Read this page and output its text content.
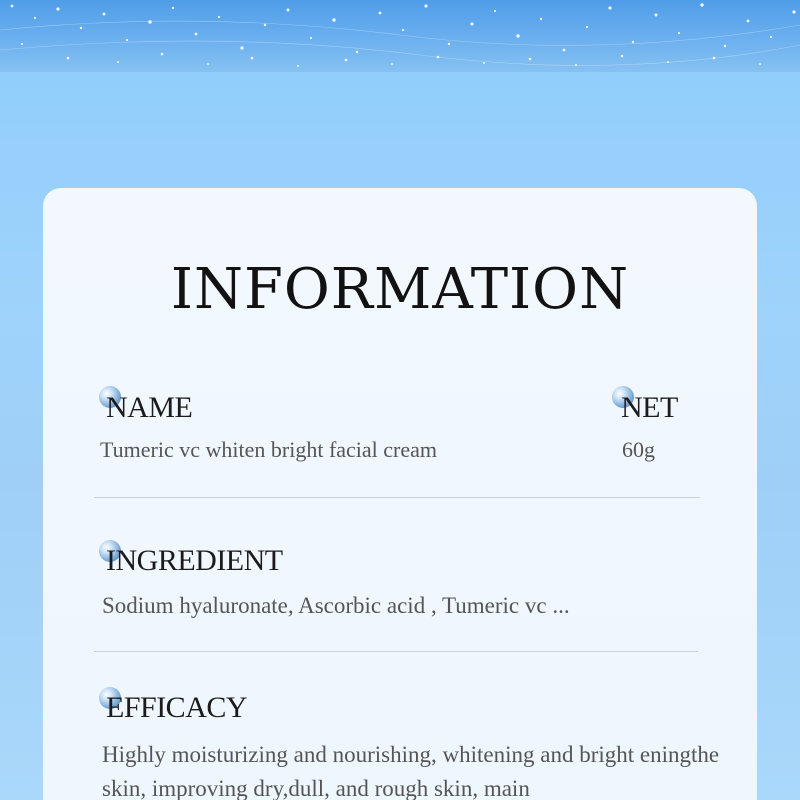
INFORMATION
NAME
Tumeric vc whiten bright facial cream
NET
60g
INGREDIENT
Sodium hyaluronate, Ascorbic acid , Tumeric vc ...
EFFICACY
Highly moisturizing and nourishing, whitening and bright eningthe skin, improving dry,dull, and rough skin, main
